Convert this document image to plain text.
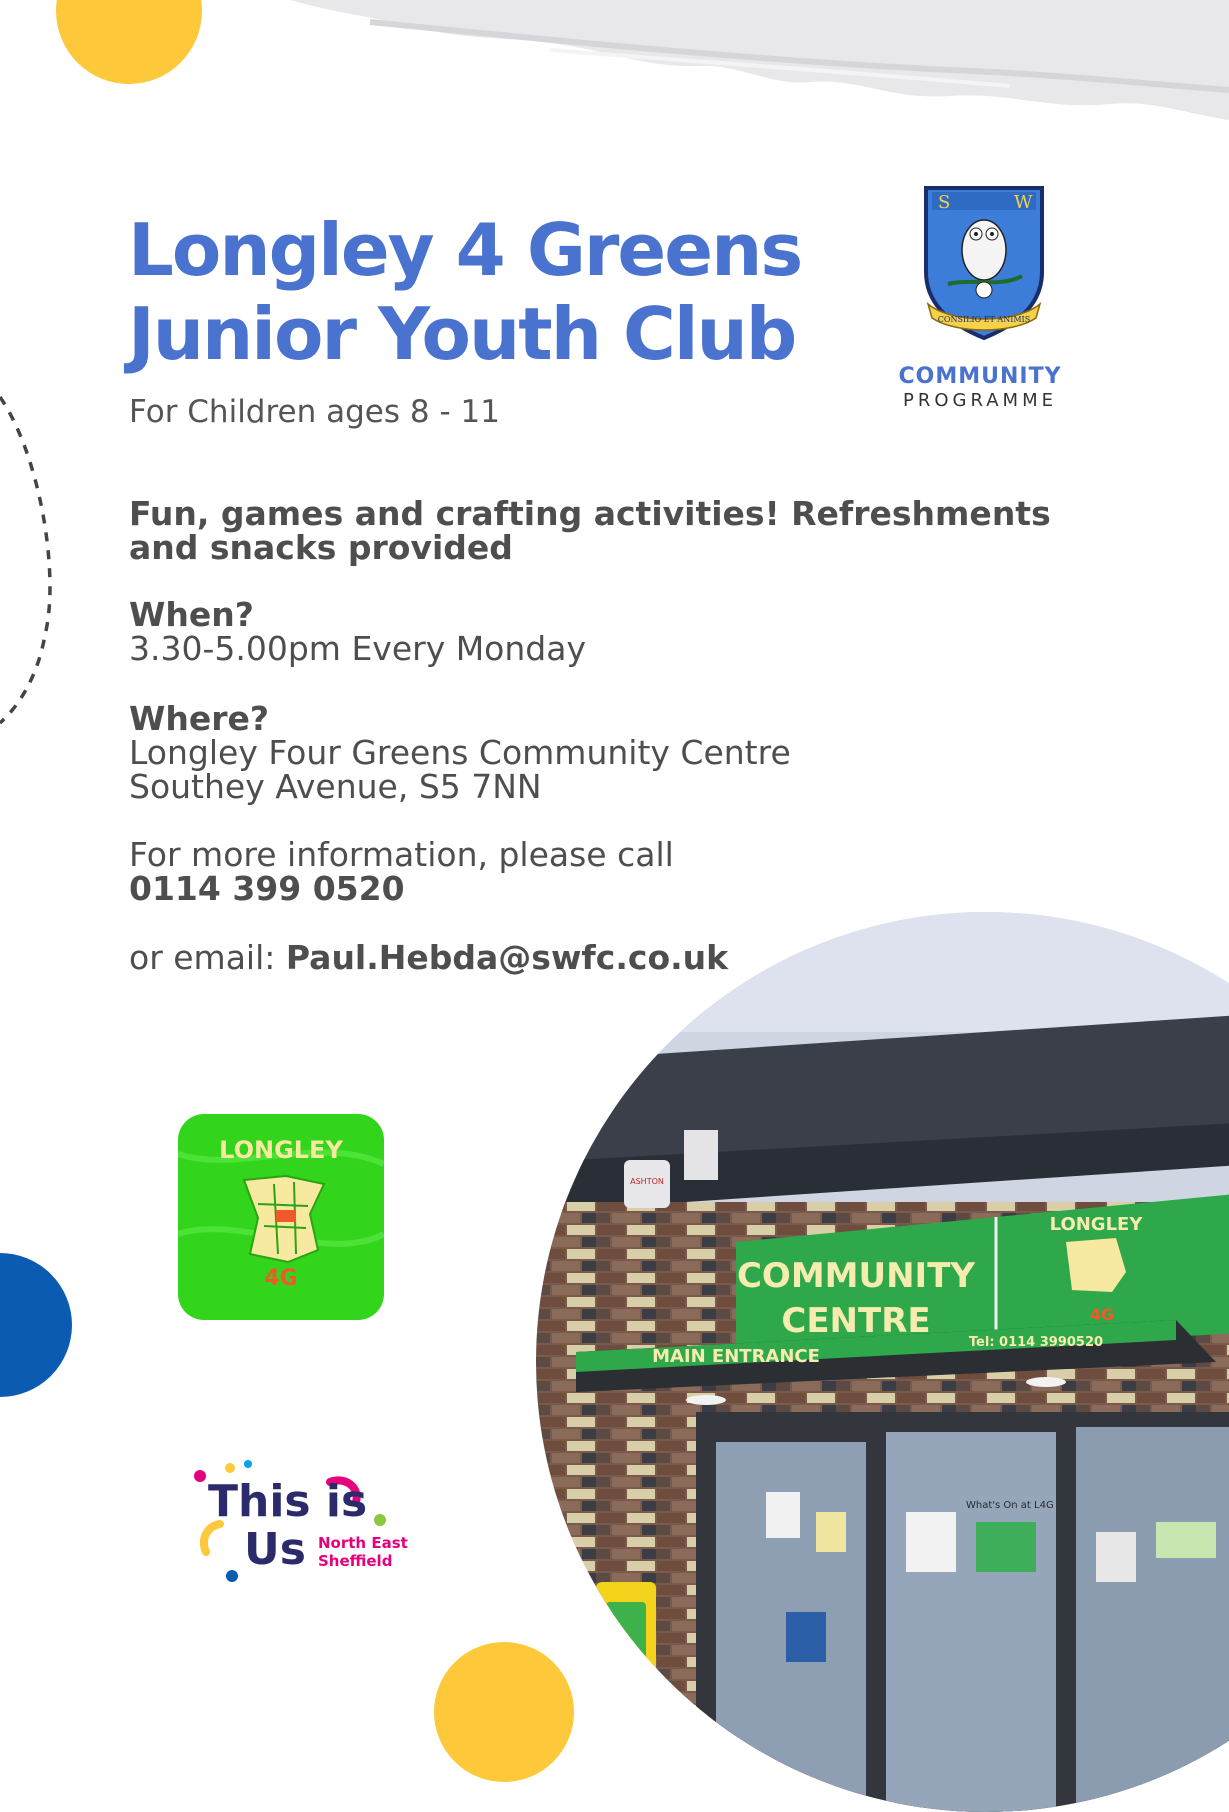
Longley 4 Greens
Junior Youth Club
For Children ages 8 - 11
Fun, games and crafting activities! Refreshments
and snacks provided
When?
3.30-5.00pm Every Monday
Where?
Longley Four Greens Community Centre
Southey Avenue, S5 7NN
For more information, please call
0114 399 0520
or email: Paul.Hebda@swfc.co.uk
S	W
CONSILIO ET ANIMIS
COMMUNITY
PROGRAMME
LONGLEY
4G
This is
Us North East
Sheffield
ASHTON
COMMUNITY
CENTRE
LONGLEY
4G
MAIN ENTRANCE
Tel: 0114 3990520
What's On at L4G
